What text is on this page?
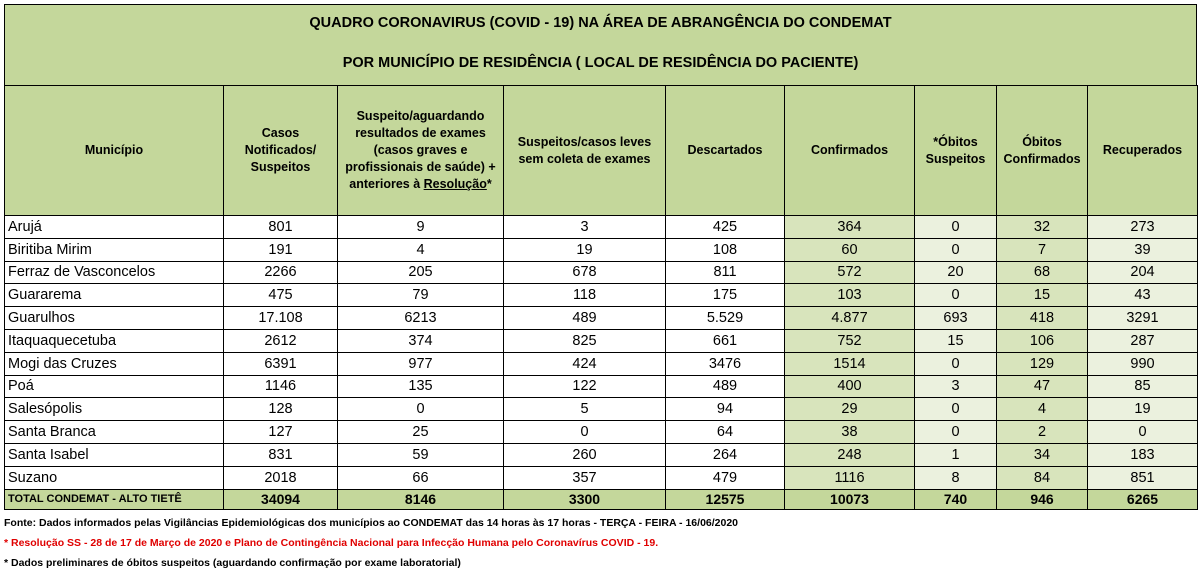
QUADRO CORONAVIRUS (COVID - 19) NA ÁREA DE ABRANGÊNCIA DO CONDEMAT
POR MUNICÍPIO DE RESIDÊNCIA ( LOCAL DE RESIDÊNCIA DO PACIENTE)
Município	Casos Notificados/ Suspeitos	Suspeito/aguardando resultados de exames (casos graves e profissionais de saúde) + anteriores à Resolução*	Suspeitos/casos leves sem coleta de exames	Descartados	Confirmados	*Óbitos Suspeitos	Óbitos Confirmados	Recuperados
Arujá	801	9	3	425	364	0	32	273
Biritiba Mirim	191	4	19	108	60	0	7	39
Ferraz de Vasconcelos	2266	205	678	811	572	20	68	204
Guararema	475	79	118	175	103	0	15	43
Guarulhos	17.108	6213	489	5.529	4.877	693	418	3291
Itaquaquecetuba	2612	374	825	661	752	15	106	287
Mogi das Cruzes	6391	977	424	3476	1514	0	129	990
Poá	1146	135	122	489	400	3	47	85
Salesópolis	128	0	5	94	29	0	4	19
Santa Branca	127	25	0	64	38	0	2	0
Santa Isabel	831	59	260	264	248	1	34	183
Suzano	2018	66	357	479	1116	8	84	851
TOTAL CONDEMAT - ALTO TIETÊ	34094	8146	3300	12575	10073	740	946	6265
Fonte: Dados informados pelas Vigilâncias Epidemiológicas dos municípios ao CONDEMAT das 14 horas às 17 horas - TERÇA - FEIRA - 16/06/2020
* Resolução SS - 28 de 17 de Março de 2020 e Plano de Contingência Nacional para Infecção Humana pelo Coronavírus COVID - 19.
* Dados preliminares de óbitos suspeitos (aguardando confirmação por exame laboratorial)
